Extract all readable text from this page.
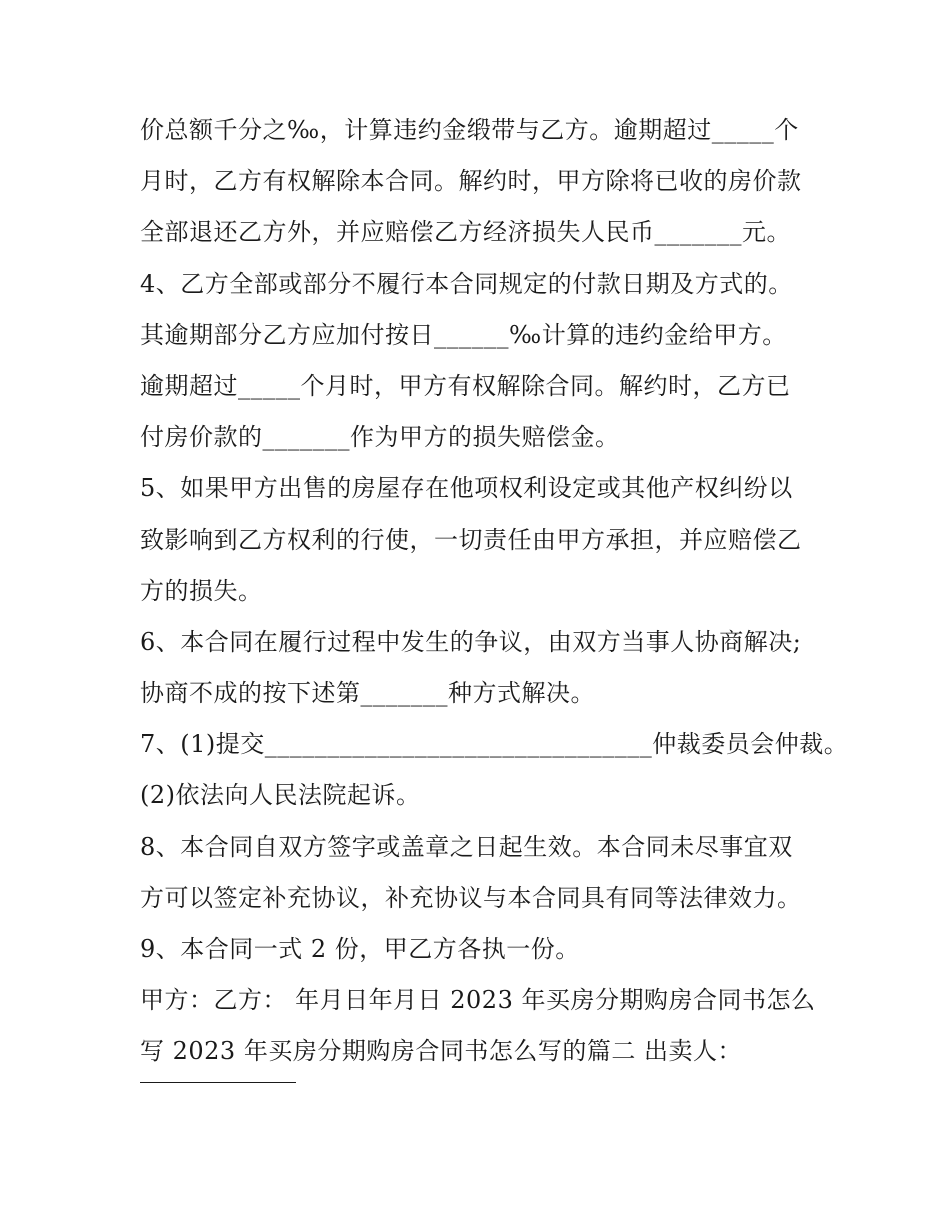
价总额千分之‰，计算违约金缎带与乙方。逾期超过_____个
月时，乙方有权解除本合同。解约时，甲方除将已收的房价款
全部退还乙方外，并应赔偿乙方经济损失人民币_______元。
4、乙方全部或部分不履行本合同规定的付款日期及方式的。
其逾期部分乙方应加付按日______‰计算的违约金给甲方。
逾期超过_____个月时，甲方有权解除合同。解约时，乙方已
付房价款的_______作为甲方的损失赔偿金。
5、如果甲方出售的房屋存在他项权利设定或其他产权纠纷以
致影响到乙方权利的行使，一切责任由甲方承担，并应赔偿乙
方的损失。
6、本合同在履行过程中发生的争议，由双方当事人协商解决;
协商不成的按下述第_______种方式解决。
7、(1)提交_______________________________仲裁委员会仲裁。
(2)依法向人民法院起诉。
8、本合同自双方签字或盖章之日起生效。本合同未尽事宜双
方可以签定补充协议，补充协议与本合同具有同等法律效力。
9、本合同一式 2 份，甲乙方各执一份。
甲方：乙方： 年月日年月日 2023 年买房分期购房合同书怎么
写 2023 年买房分期购房合同书怎么写的篇二 出卖人：
